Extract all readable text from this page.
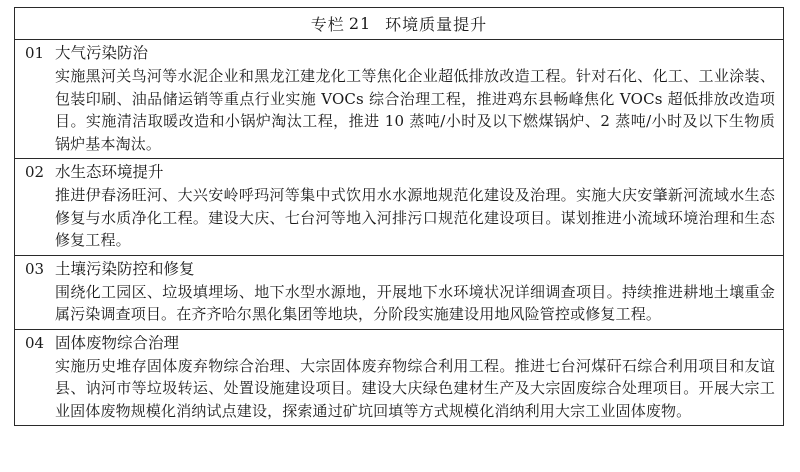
专栏 21 环境质量提升
01 大气污染防治
实施黑河关鸟河等水泥企业和黑龙江建龙化工等焦化企业超低排放改造工程。针对石化、化工、工业涂装、包装印刷、油品储运销等重点行业实施 VOCs 综合治理工程，推进鸡东县畅峰焦化 VOCs 超低排放改造项目。实施清洁取暖改造和小锅炉淘汰工程，推进 10 蒸吨/小时及以下燃煤锅炉、2 蒸吨/小时及以下生物质锅炉基本淘汰。
02 水生态环境提升
推进伊春汤旺河、大兴安岭呼玛河等集中式饮用水水源地规范化建设及治理。实施大庆安肇新河流域水生态修复与水质净化工程。建设大庆、七台河等地入河排污口规范化建设项目。谋划推进小流域环境治理和生态修复工程。
03 土壤污染防控和修复
围绕化工园区、垃圾填埋场、地下水型水源地，开展地下水环境状况详细调查项目。持续推进耕地土壤重金属污染调查项目。在齐齐哈尔黑化集团等地块，分阶段实施建设用地风险管控或修复工程。
04 固体废物综合治理
实施历史堆存固体废弃物综合治理、大宗固体废弃物综合利用工程。推进七台河煤矸石综合利用项目和友谊县、讷河市等垃圾转运、处置设施建设项目。建设大庆绿色建材生产及大宗固废综合处理项目。开展大宗工业固体废物规模化消纳试点建设，探索通过矿坑回填等方式规模化消纳利用大宗工业固体废物。
